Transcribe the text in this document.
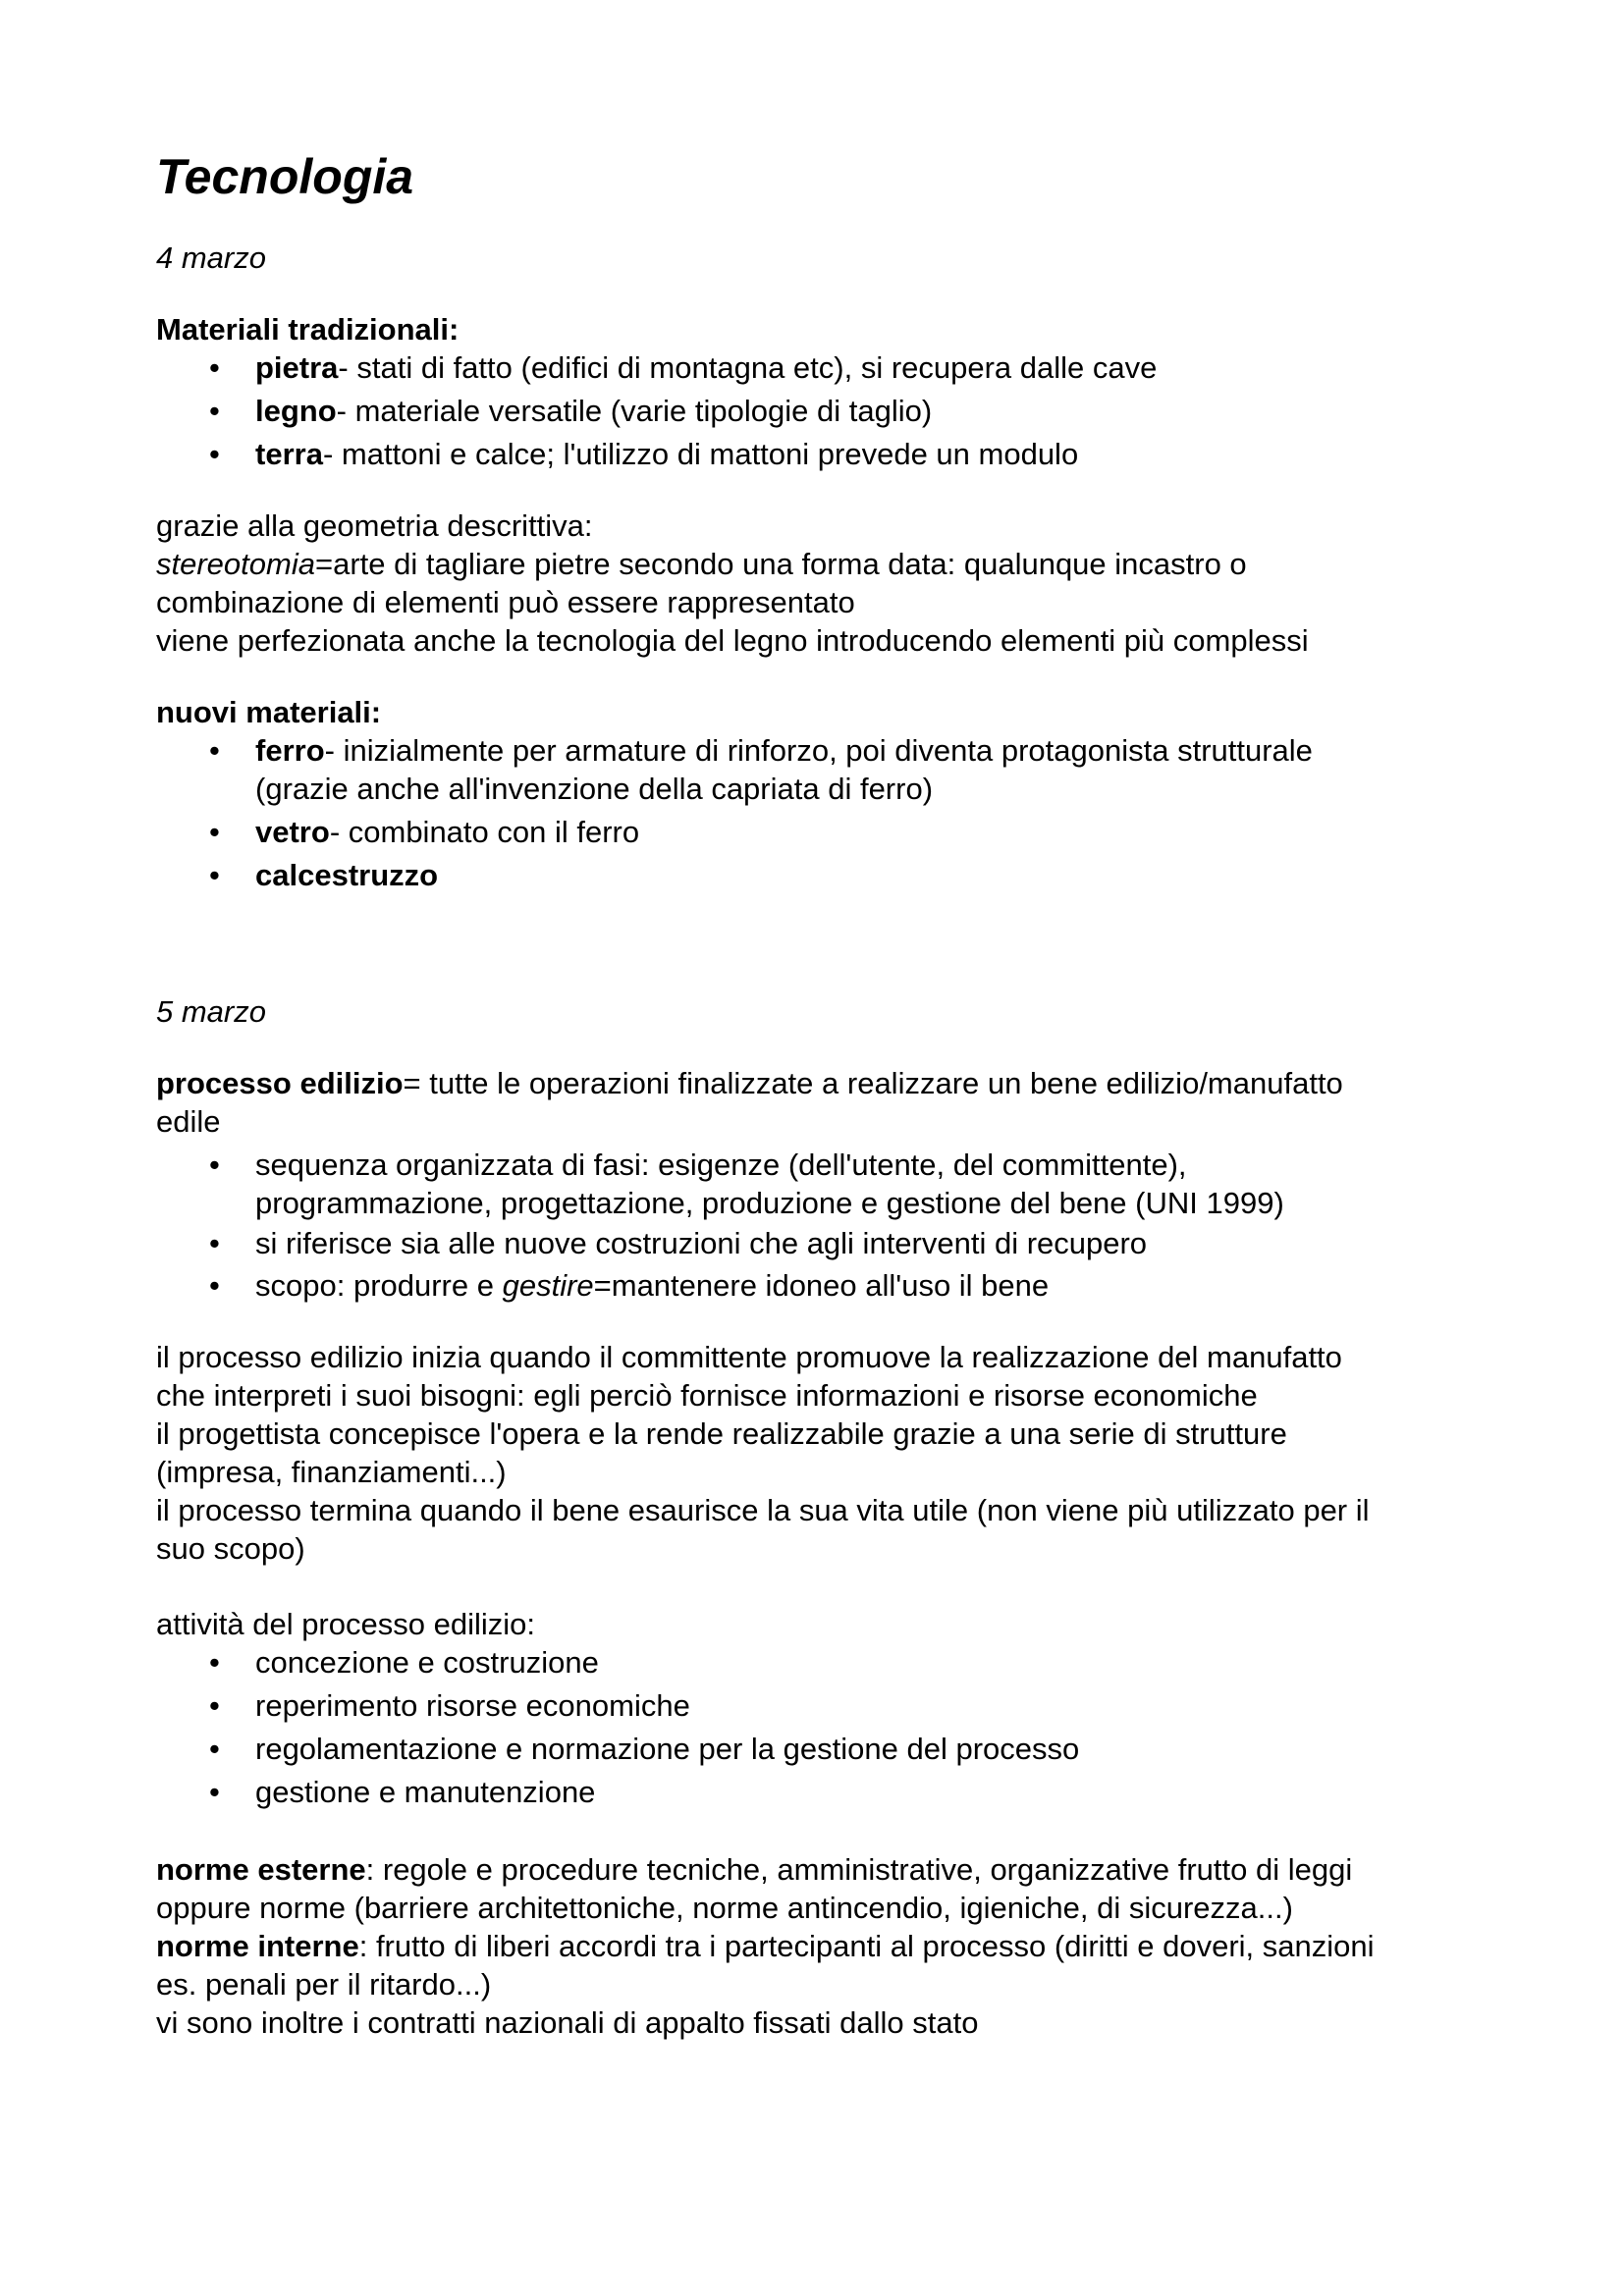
Tecnologia

4 marzo

Materiali tradizionali:

• pietra- stati di fatto (edifici di montagna etc), si recupera dalle cave
• legno- materiale versatile (varie tipologie di taglio)
• terra- mattoni e calce; l'utilizzo di mattoni prevede un modulo

grazie alla geometria descrittiva:

stereotomia=arte di tagliare pietre secondo una forma data: qualunque incastro o

combinazione di elementi può essere rappresentato

viene perfezionata anche la tecnologia del legno introducendo elementi più complessi

nuovi materiali:

• ferro- inizialmente per armature di rinforzo, poi diventa protagonista strutturale
(grazie anche all'invenzione della capriata di ferro)
• vetro- combinato con il ferro
• calcestruzzo

5 marzo

processo edilizio= tutte le operazioni finalizzate a realizzare un bene edilizio/manufatto

edile

• sequenza organizzata di fasi: esigenze (dell'utente, del committente),
programmazione, progettazione, produzione e gestione del bene (UNI 1999)
• si riferisce sia alle nuove costruzioni che agli interventi di recupero
• scopo: produrre e gestire=mantenere idoneo all'uso il bene

il processo edilizio inizia quando il committente promuove la realizzazione del manufatto

che interpreti i suoi bisogni: egli perciò fornisce informazioni e risorse economiche

il progettista concepisce l'opera e la rende realizzabile grazie a una serie di strutture

(impresa, finanziamenti...)

il processo termina quando il bene esaurisce la sua vita utile (non viene più utilizzato per il

suo scopo)

attività del processo edilizio:

• concezione e costruzione
• reperimento risorse economiche
• regolamentazione e normazione per la gestione del processo
• gestione e manutenzione

norme esterne: regole e procedure tecniche, amministrative, organizzative frutto di leggi

oppure norme (barriere architettoniche, norme antincendio, igieniche, di sicurezza...)

norme interne: frutto di liberi accordi tra i partecipanti al processo (diritti e doveri, sanzioni

es. penali per il ritardo...)

vi sono inoltre i contratti nazionali di appalto fissati dallo stato
